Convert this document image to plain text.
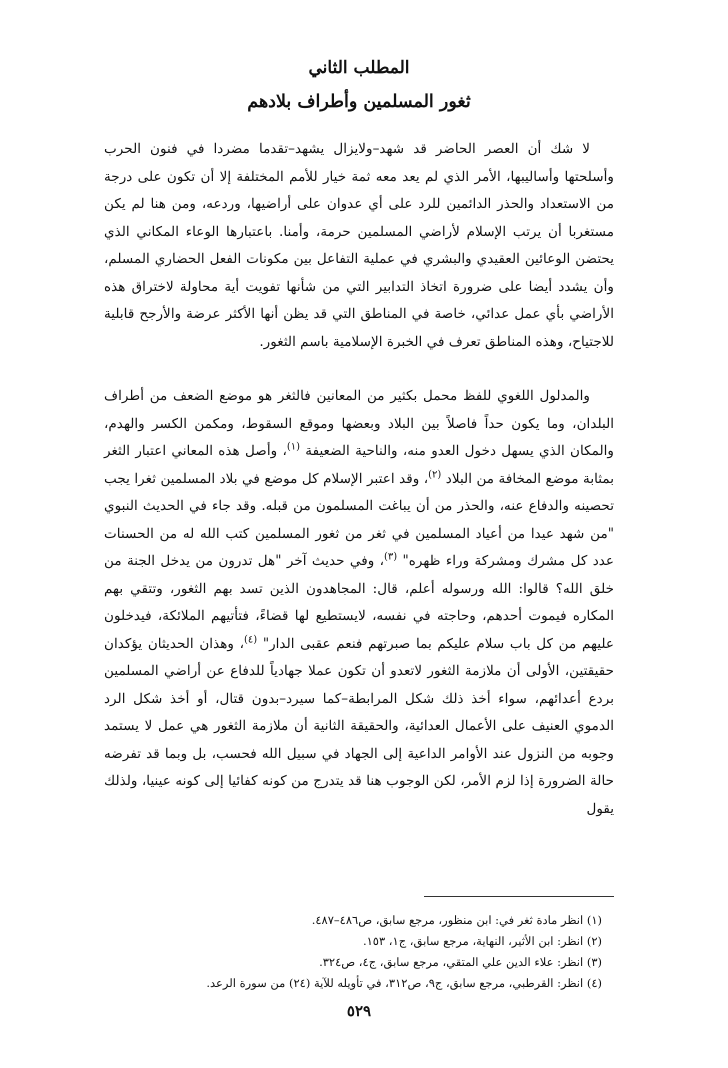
المطلب الثاني
ثغور المسلمين وأطراف بلادهم

لا شك أن العصر الحاضر قد شهد–ولايزال يشهد–تقدما مضردا في فنون الحرب وأسلحتها وأساليبها، الأمر الذي لم يعد معه ثمة خيار للأمم المختلفة إلا أن تكون على درجة من الاستعداد والحذر الدائمين للرد على أي عدوان على أراضيها، وردعه، ومن هنا لم يكن مستغربا أن يرتب الإسلام لأراضي المسلمين حرمة، وأمنا. باعتبارها الوعاء المكاني الذي يحتضن الوعائين العقيدي والبشري في عملية التفاعل بين مكونات الفعل الحضاري المسلم، وأن يشدد أيضا على ضرورة اتخاذ التدابير التي من شأنها تفويت أية محاولة لاختراق هذه الأراضي بأي عمل عدائي، خاصة في المناطق التي قد يظن أنها الأكثر عرضة والأرجح قابلية للاجتياح، وهذه المناطق تعرف في الخبرة الإسلامية باسم الثغور.

والمدلول اللغوي للفظ محمل بكثير من المعانين فالثغر هو موضع الضعف من أطراف البلدان، وما يكون حداً فاصلاً بين البلاد وبعضها وموقع السقوط، ومكمن الكسر والهدم، والمكان الذي يسهل دخول العدو منه، والناحية الضعيفة $^{(١)}$، وأصل هذه المعاني اعتبار الثغر بمثابة موضع المخافة من البلاد $^{(٢)}$، وقد اعتبر الإسلام كل موضع في بلاد المسلمين ثغرا يجب تحصينه والدفاع عنه، والحذر من أن يباغت المسلمون من قبله. وقد جاء في الحديث النبوي "من شهد عيدا من أعياد المسلمين في ثغر من ثغور المسلمين كتب الله له من الحسنات عدد كل مشرك ومشركة وراء ظهره" $^{(٣)}$، وفي حديث آخر "هل تدرون من يدخل الجنة من خلق الله؟ قالوا: الله ورسوله أعلم، قال: المجاهدون الذين تسد بهم الثغور، وتتقي بهم المكاره فيموت أحدهم، وحاجته في نفسه، لايستطيع لها قضاءً، فتأتيهم الملائكة، فيدخلون عليهم من كل باب سلام عليكم بما صبرتهم فنعم عقبى الدار" $^{(٤)}$، وهذان الحديثان يؤكدان حقيقتين، الأولى أن ملازمة الثغور لاتعدو أن تكون عملا جهادياً للدفاع عن أراضي المسلمين بردع أعدائهم، سواء أخذ ذلك شكل المرابطة–كما سيرد–بدون قتال، أو أخذ شكل الرد الدموي العنيف على الأعمال العدائية، والحقيقة الثانية أن ملازمة الثغور هي عمل لا يستمد وجوبه من النزول عند الأوامر الداعية إلى الجهاد في سبيل الله فحسب، بل وبما قد تفرضه حالة الضرورة إذا لزم الأمر، لكن الوجوب هنا قد يتدرج من كونه كفائيا إلى كونه عينيا، ولذلك يقول

(١) انظر مادة ثغر في: ابن منظور، مرجع سابق، ص٤٨٦–٤٨٧.
(٢) انظر: ابن الأثير، النهاية، مرجع سابق، ج١، ١٥٣.
(٣) انظر: علاء الدين علي المتقي، مرجع سابق، ج٤، ص٣٢٤.
(٤) انظر: القرطبي، مرجع سابق، ج٩، ص٣١٢، في تأويله للآية (٢٤) من سورة الرعد.
٥٢٩
